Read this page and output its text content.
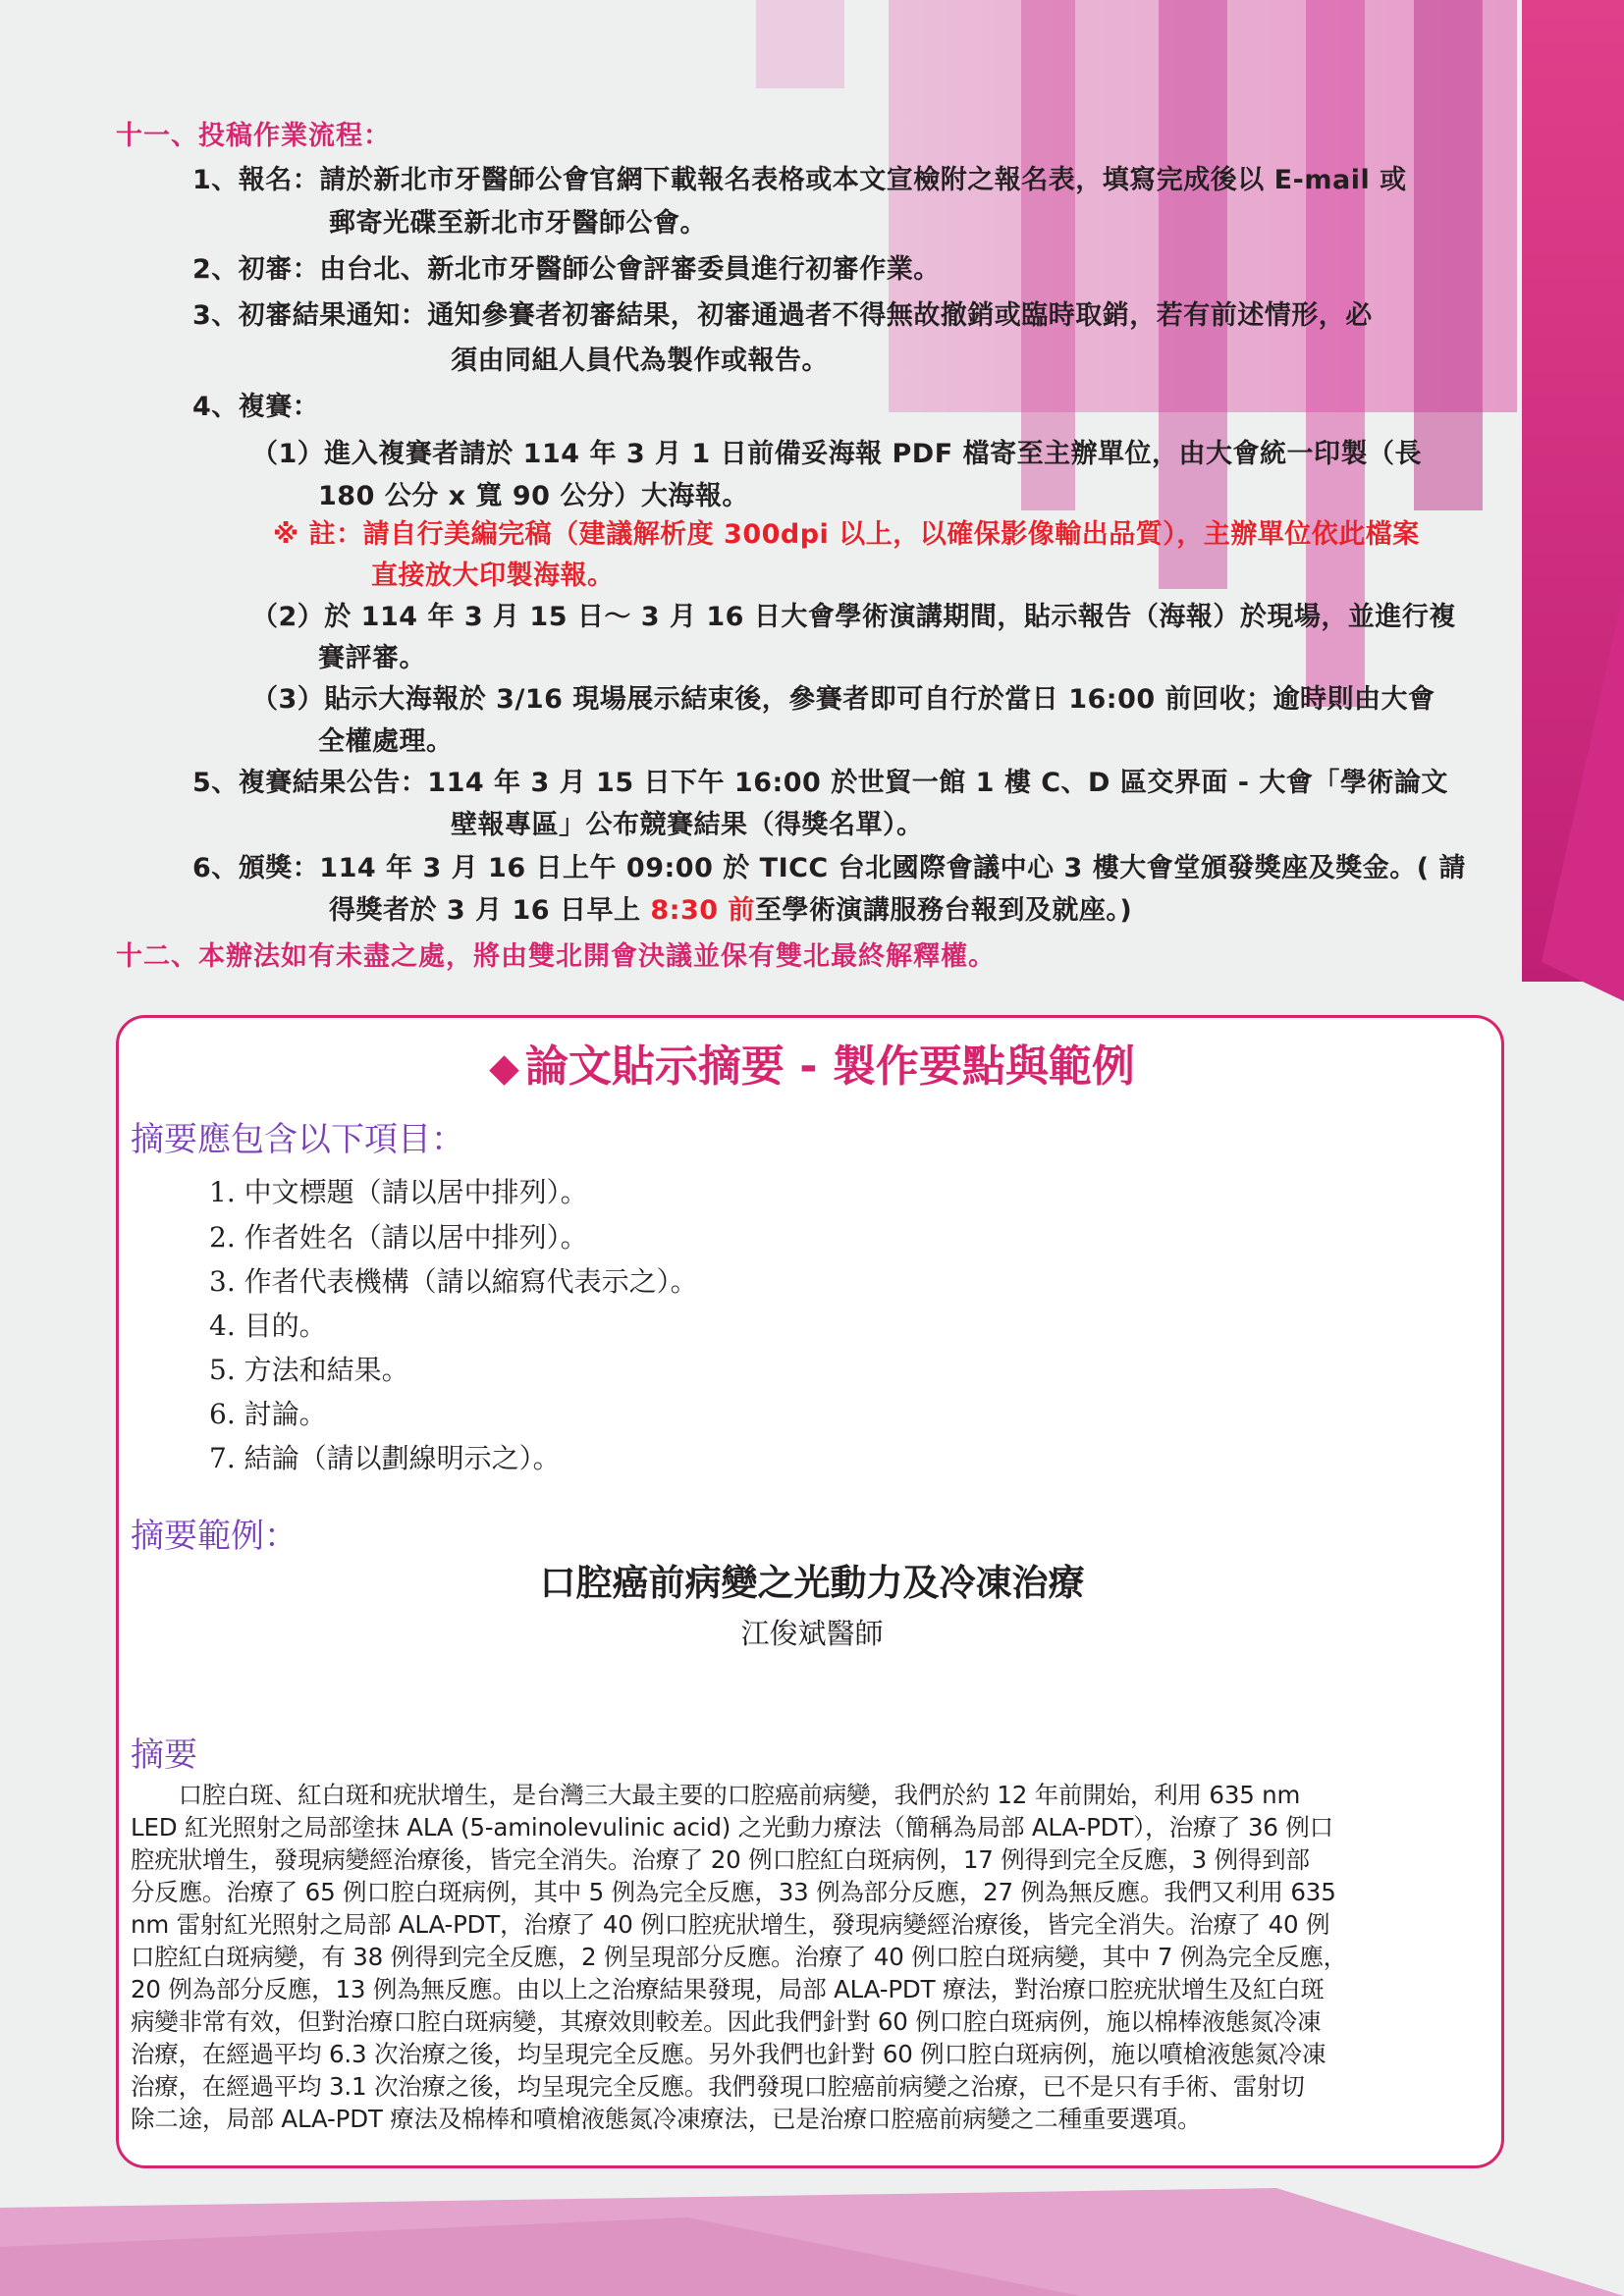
十一、投稿作業流程：
1、報名：請於新北市牙醫師公會官網下載報名表格或本文宣檢附之報名表，填寫完成後以 E-mail 或
郵寄光碟至新北市牙醫師公會。
2、初審：由台北、新北市牙醫師公會評審委員進行初審作業。
3、初審結果通知：通知參賽者初審結果，初審通過者不得無故撤銷或臨時取銷，若有前述情形，必
須由同組人員代為製作或報告。
4、複賽：
（1）進入複賽者請於 114 年 3 月 1 日前備妥海報 PDF 檔寄至主辦單位，由大會統一印製（長
180 公分 x 寬 90 公分）大海報。
※ 註：請自行美編完稿（建議解析度 300dpi 以上，以確保影像輸出品質），主辦單位依此檔案
直接放大印製海報。
（2）於 114 年 3 月 15 日～ 3 月 16 日大會學術演講期間，貼示報告（海報）於現場，並進行複
賽評審。
（3）貼示大海報於 3/16 現場展示結束後，參賽者即可自行於當日 16:00 前回收；逾時則由大會
全權處理。
5、複賽結果公告：114 年 3 月 15 日下午 16:00 於世貿一館 1 樓 C、D 區交界面 - 大會「學術論文
壁報專區」公布競賽結果（得獎名單）。
6、頒獎：114 年 3 月 16 日上午 09:00 於 TICC 台北國際會議中心 3 樓大會堂頒發獎座及獎金。( 請
得獎者於 3 月 16 日早上 8:30 前至學術演講服務台報到及就座。)
十二、本辦法如有未盡之處，將由雙北開會決議並保有雙北最終解釋權。
◆ 論文貼示摘要 - 製作要點與範例
摘要應包含以下項目：
1. 中文標題（請以居中排列）。
2. 作者姓名（請以居中排列）。
3. 作者代表機構（請以縮寫代表示之）。
4. 目的。
5. 方法和結果。
6. 討論。
7. 結論（請以劃線明示之）。
摘要範例：
口腔癌前病變之光動力及冷凍治療
江俊斌醫師
摘要
　　口腔白斑、紅白斑和疣狀增生，是台灣三大最主要的口腔癌前病變，我們於約 12 年前開始，利用 635 nm
LED 紅光照射之局部塗抹 ALA (5-aminolevulinic acid) 之光動力療法（簡稱為局部 ALA-PDT），治療了 36 例口
腔疣狀增生，發現病變經治療後，皆完全消失。治療了 20 例口腔紅白斑病例，17 例得到完全反應，3 例得到部
分反應。治療了 65 例口腔白斑病例，其中 5 例為完全反應，33 例為部分反應，27 例為無反應。我們又利用 635
nm 雷射紅光照射之局部 ALA-PDT，治療了 40 例口腔疣狀增生，發現病變經治療後，皆完全消失。治療了 40 例
口腔紅白斑病變，有 38 例得到完全反應，2 例呈現部分反應。治療了 40 例口腔白斑病變，其中 7 例為完全反應，
20 例為部分反應，13 例為無反應。由以上之治療結果發現，局部 ALA-PDT 療法，對治療口腔疣狀增生及紅白斑
病變非常有效，但對治療口腔白斑病變，其療效則較差。因此我們針對 60 例口腔白斑病例，施以棉棒液態氮冷凍
治療，在經過平均 6.3 次治療之後，均呈現完全反應。另外我們也針對 60 例口腔白斑病例，施以噴槍液態氮冷凍
治療，在經過平均 3.1 次治療之後，均呈現完全反應。我們發現口腔癌前病變之治療，已不是只有手術、雷射切
除二途，局部 ALA-PDT 療法及棉棒和噴槍液態氮冷凍療法，已是治療口腔癌前病變之二種重要選項。
